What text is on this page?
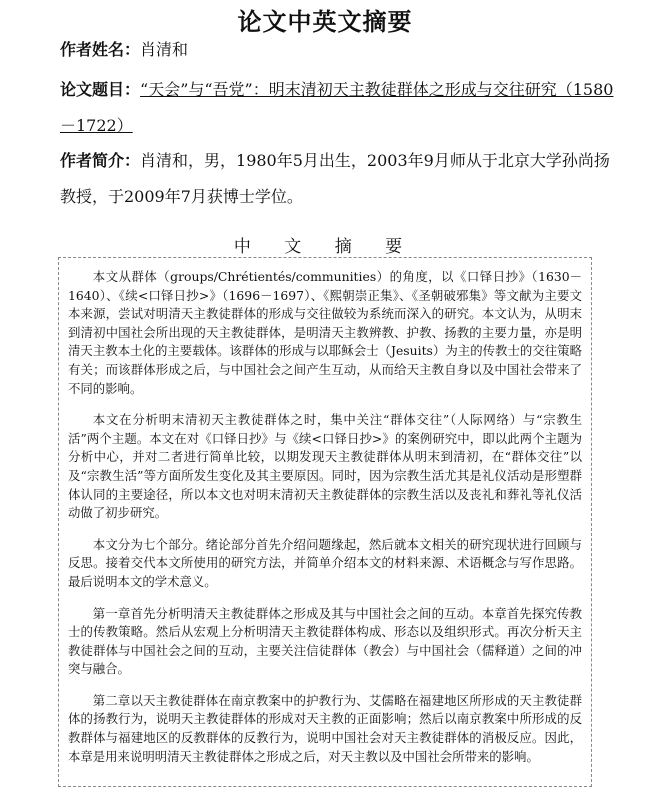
论文中英文摘要
作者姓名：肖清和
论文题目：“天会”与“吾党”：明末清初天主教徒群体之形成与交往研究（1580－1722）
作者简介：肖清和，男，1980年5月出生，2003年9月师从于北京大学孙尚扬教授，于2009年7月获博士学位。
中 文 摘 要

本文从群体（groups/Chrétientés/communities）的角度，以《口铎日抄》（1630－1640）、《续<口铎日抄>》（1696－1697）、《熙朝崇正集》、《圣朝破邪集》等文献为主要文本来源，尝试对明清天主教徒群体的形成与交往做较为系统而深入的研究。本文认为，从明末到清初中国社会所出现的天主教徒群体，是明清天主教辨教、护教、扬教的主要力量，亦是明清天主教本土化的主要载体。该群体的形成与以耶稣会士（Jesuits）为主的传教士的交往策略有关；而该群体形成之后，与中国社会之间产生互动，从而给天主教自身以及中国社会带来了不同的影响。

本文在分析明末清初天主教徒群体之时，集中关注“群体交往”（人际网络）与“宗教生活”两个主题。本文在对《口铎日抄》与《续<口铎日抄>》的案例研究中，即以此两个主题为分析中心，并对二者进行简单比较，以期发现天主教徒群体从明末到清初，在“群体交往”以及“宗教生活”等方面所发生变化及其主要原因。同时，因为宗教生活尤其是礼仪活动是形塑群体认同的主要途径，所以本文也对明末清初天主教徒群体的宗教生活以及丧礼和葬礼等礼仪活动做了初步研究。

本文分为七个部分。绪论部分首先介绍问题缘起，然后就本文相关的研究现状进行回顾与反思。接着交代本文所使用的研究方法，并简单介绍本文的材料来源、术语概念与写作思路。最后说明本文的学术意义。

第一章首先分析明清天主教徒群体之形成及其与中国社会之间的互动。本章首先探究传教士的传教策略。然后从宏观上分析明清天主教徒群体构成、形态以及组织形式。再次分析天主教徒群体与中国社会之间的互动，主要关注信徒群体（教会）与中国社会（儒释道）之间的冲突与融合。

第二章以天主教徒群体在南京教案中的护教行为、艾儒略在福建地区所形成的天主教徒群体的扬教行为，说明天主教徒群体的形成对天主教的正面影响；然后以南京教案中所形成的反教群体与福建地区的反教群体的反教行为，说明中国社会对天主教徒群体的消极反应。因此，本章是用来说明明清天主教徒群体之形成之后，对天主教以及中国社会所带来的影响。
